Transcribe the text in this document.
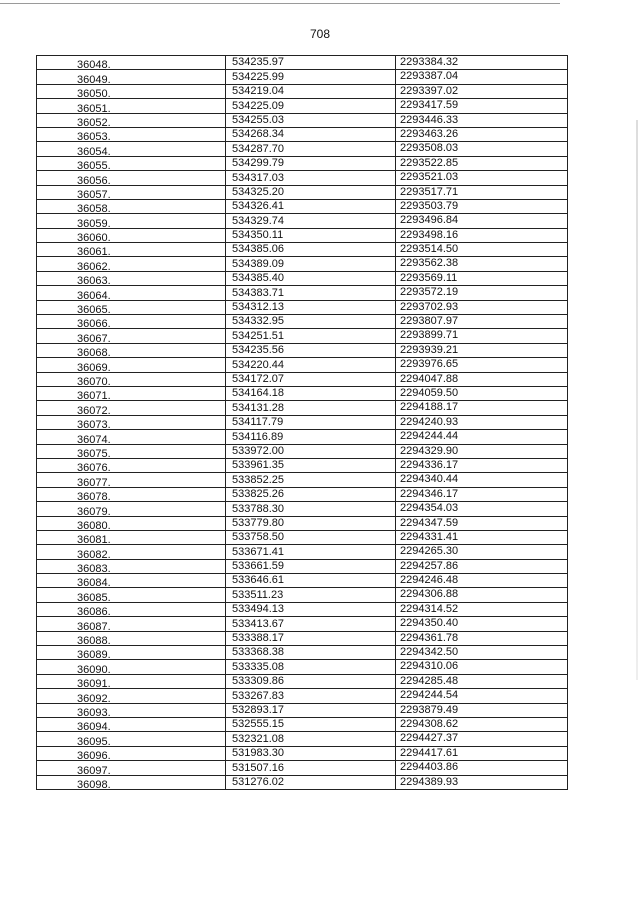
708
36048.	534235.97	2293384.32
36049.	534225.99	2293387.04
36050.	534219.04	2293397.02
36051.	534225.09	2293417.59
36052.	534255.03	2293446.33
36053.	534268.34	2293463.26
36054.	534287.70	2293508.03
36055.	534299.79	2293522.85
36056.	534317.03	2293521.03
36057.	534325.20	2293517.71
36058.	534326.41	2293503.79
36059.	534329.74	2293496.84
36060.	534350.11	2293498.16
36061.	534385.06	2293514.50
36062.	534389.09	2293562.38
36063.	534385.40	2293569.11
36064.	534383.71	2293572.19
36065.	534312.13	2293702.93
36066.	534332.95	2293807.97
36067.	534251.51	2293899.71
36068.	534235.56	2293939.21
36069.	534220.44	2293976.65
36070.	534172.07	2294047.88
36071.	534164.18	2294059.50
36072.	534131.28	2294188.17
36073.	534117.79	2294240.93
36074.	534116.89	2294244.44
36075.	533972.00	2294329.90
36076.	533961.35	2294336.17
36077.	533852.25	2294340.44
36078.	533825.26	2294346.17
36079.	533788.30	2294354.03
36080.	533779.80	2294347.59
36081.	533758.50	2294331.41
36082.	533671.41	2294265.30
36083.	533661.59	2294257.86
36084.	533646.61	2294246.48
36085.	533511.23	2294306.88
36086.	533494.13	2294314.52
36087.	533413.67	2294350.40
36088.	533388.17	2294361.78
36089.	533368.38	2294342.50
36090.	533335.08	2294310.06
36091.	533309.86	2294285.48
36092.	533267.83	2294244.54
36093.	532893.17	2293879.49
36094.	532555.15	2294308.62
36095.	532321.08	2294427.37
36096.	531983.30	2294417.61
36097.	531507.16	2294403.86
36098.	531276.02	2294389.93
